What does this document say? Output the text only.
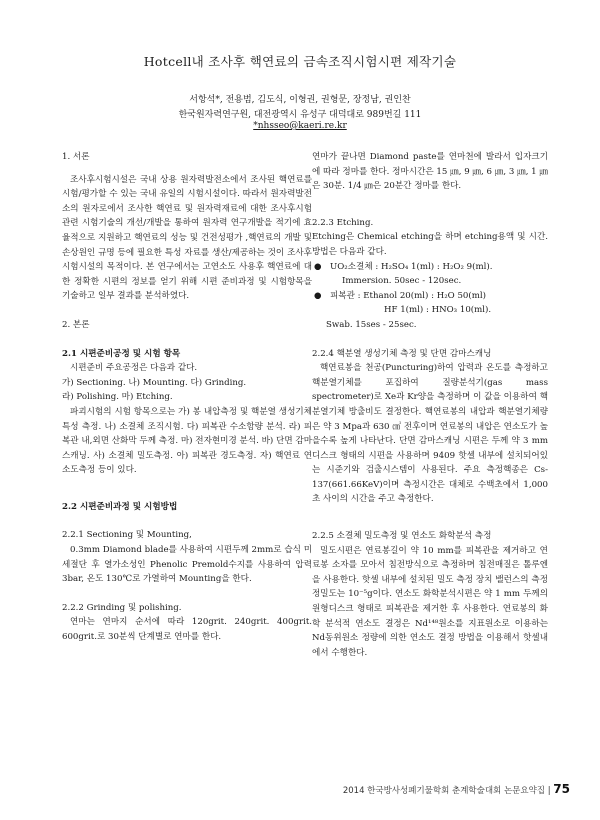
Hotcell내 조사후 핵연료의 금속조직시험시편 제작기술
서항석*, 전용범, 김도식, 이형권, 권형문, 장정남, 권인찬
한국원자력연구원, 대전광역시 유성구 대덕대로 989번길 111
*nhsseo@kaeri.re.kr

1. 서론

조사후시험시설은 국내 상용 원자력발전소에서 조사된 핵연료를 시험/평가할 수 있는 국내 유일의 시험시설이다. 따라서 원자력발전소의 원자로에서 조사한 핵연료 및 원자력재료에 대한 조사후시험 관련 시험기술의 개선/개발을 통하여 원자력 연구개발을 적기에 효율적으로 지원하고 핵연료의 성능 및 건전성평가 ,핵연료의 개발 및 손상원인 규명 등에 필요한 특성 자료를 생산/제공하는 것이 조사후시험시설의 목적이다. 본 연구에서는 고연소도 사용후 핵연료에 대한 정확한 시편의 정보를 얻기 위해 시편 준비과정 및 시험항목을 기술하고 일부 결과를 분석하였다.

2. 본론

2.1 시편준비공정 및 시험 항목

시편준비 주요공정은 다음과 같다.

가) Sectioning. 나) Mounting. 다) Grinding.

라) Polishing. 마) Etching.

파괴시험의 시험 항목으로는 가) 봉 내압측정 및 핵분열 생성기체 특성 측정. 나) 소결체 조직시험. 다) 피복관 수소함량 분석. 라) 피복관 내,외면 산화막 두께 측정. 마) 전자현미경 분석. 바) 단면 감마스캐닝. 사) 소결체 밀도측정. 아) 피복관 경도측정. 자) 핵연료 연소도측정 등이 있다.

2.2 시편준비과정 및 시험방법

2.2.1 Sectioning 및 Mounting,

0.3mm Diamond blade를 사용하여 시편두께 2mm로 습식 미세절단 후 열가소성인 Phenolic Premold수지를 사용하여 압력 3bar, 온도 130℃로 가열하여 Mounting을 한다.

2.2.2 Grinding 및 polishing.

연마는 연마지 순서에 따라 120grit. 240grit. 400grit. 600grit.로 30분씩 단계별로 연마를 한다.

연마가 끝나면 Diamond paste를 연마천에 발라서 입자크기에 따라 정마를 한다. 정마시간은 15 ㎛, 9 ㎛, 6 ㎛, 3 ㎛, 1 ㎛은 30분. 1/4 ㎛은 20분간 정마를 한다.

2.2.3 Etching.

Etching은 Chemical etching을 하며 etching용액 및 시간. 방법은 다음과 같다.

● UO₂소결체 : H₂SO₄ 1(ml) : H₂O₂ 9(ml).

Immersion. 50sec - 120sec.

● 피복관 : Ethanol 20(ml) : H₂O 50(ml)

HF 1(ml) : HNO₃ 10(ml).

Swab. 15ses - 25sec.

2.2.4 핵분열 생성기체 측정 및 단면 감마스캐닝

핵연료봉을 천공(Puncturing)하여 압력과 온도를 측정하고 핵분열기체를 포집하여 질량분석기(gas mass spectrometer)로 Xe과 Kr양을 측정하며 이 값을 이용하여 핵분열기체 방출비도 결정한다. 핵연료봉의 내압과 핵분열기체량은 약 3 Mpa과 630 ㎤ 전후이며 연료봉의 내압은 연소도가 높을수록 높게 나타난다. 단면 감마스캐닝 시편은 두께 약 3 mm 디스크 형태의 시편을 사용하며 9409 핫셀 내부에 설치되어있는 시준기와 검출시스템이 사용된다. 주요 측정핵종은 Cs-137(661.66KeV)이며 측정시간은 대체로 수백초에서 1,000초 사이의 시간을 주고 측정한다.

2.2.5 소결체 밀도측정 및 연소도 화학분석 측정

밀도시편은 연료봉길이 약 10 mm를 피복관을 제거하고 연료봉 소자를 모아서 침전방식으로 측정하며 침전매질은 톨루엔을 사용한다. 핫셀 내부에 설치된 밀도 측정 장치 밸런스의 측정 정밀도는 10⁻⁵g이다. 연소도 화학분석시편은 약 1 mm 두께의 원형디스크 형태로 피복관을 제거한 후 사용한다. 연료봉의 화학 분석적 연소도 결정은 Nd¹⁴⁸원소를 지표원소로 이용하는 Nd동위원소 정량에 의한 연소도 결정 방법을 이용해서 핫셀내에서 수행한다.

2014 한국방사성폐기물학회 춘계학술대회 논문요약집 | 75
